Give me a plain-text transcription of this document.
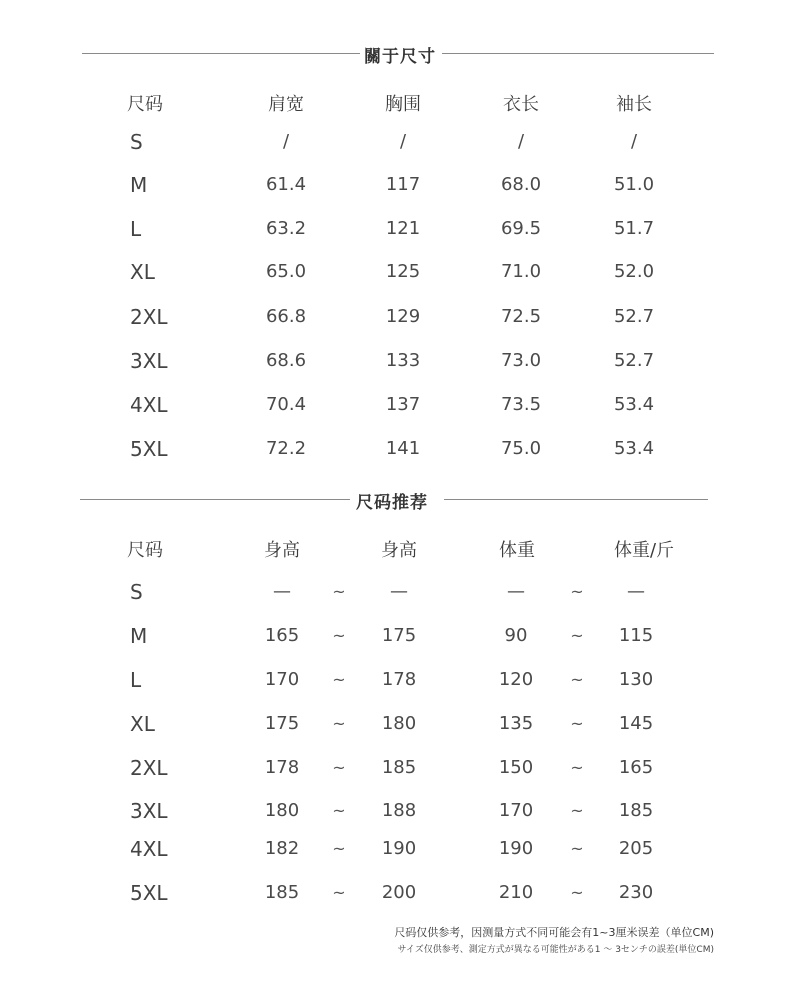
關于尺寸
尺码	肩宽	胸围	衣长	袖长
S	/	/	/	/
M	61.4	117	68.0	51.0
L	63.2	121	69.5	51.7
XL	65.0	125	71.0	52.0
2XL	66.8	129	72.5	52.7
3XL	68.6	133	73.0	52.7
4XL	70.4	137	73.5	53.4
5XL	72.2	141	75.0	53.4
尺码推荐
尺码	身高	身高	体重	体重/斤
S	—	~	—	—	~	—
M	165	~	175	90	~	115
L	170	~	178	120	~	130
XL	175	~	180	135	~	145
2XL	178	~	185	150	~	165
3XL	180	~	188	170	~	185
4XL	182	~	190	190	~	205
5XL	185	~	200	210	~	230
尺码仅供参考，因测量方式不同可能会有1~3厘米误差（单位CM)
サイズ仅供参考、測定方式が異なる可能性がある1 ～ 3センチの誤差(単位CM)
